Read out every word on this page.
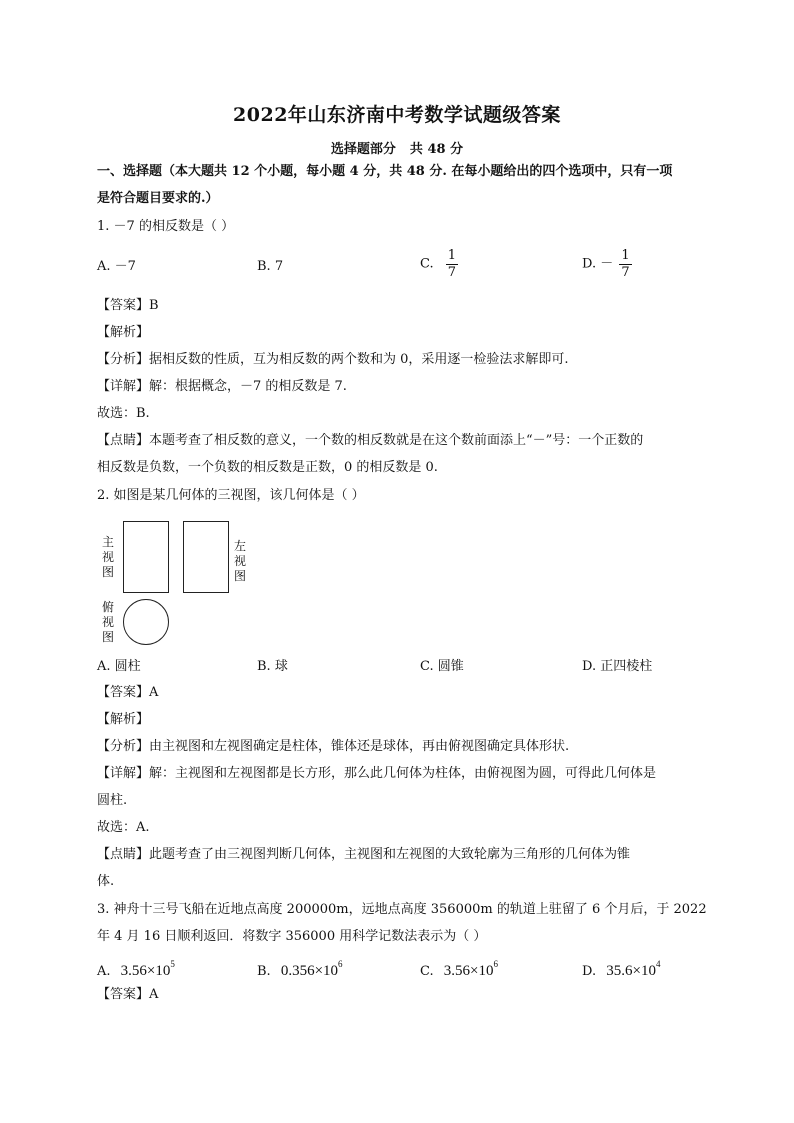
2022年山东济南中考数学试题级答案
选择题部分 共 48 分
一、选择题（本大题共 12 个小题，每小题 4 分，共 48 分. 在每小题给出的四个选项中，只有一项
是符合题目要求的.）
1. －7 的相反数是（ ）
A. －7	B. 7	C. $\frac{1}{7}$	D. － $\frac{1}{7}$
【答案】B
【解析】
【分析】据相反数的性质，互为相反数的两个数和为 0，采用逐一检验法求解即可.
【详解】解：根据概念，－7 的相反数是 7.
故选：B.
【点睛】本题考查了相反数的意义，一个数的相反数就是在这个数前面添上“－”号：一个正数的
相反数是负数，一个负数的相反数是正数，0 的相反数是 0.
2. 如图是某几何体的三视图，该几何体是（ ）
主视图
左视图
俯视图
A. 圆柱	B. 球	C. 圆锥	D. 正四棱柱
【答案】A
【解析】
【分析】由主视图和左视图确定是柱体，锥体还是球体，再由俯视图确定具体形状.
【详解】解：主视图和左视图都是长方形，那么此几何体为柱体，由俯视图为圆，可得此几何体是
圆柱.
故选：A.
【点睛】此题考查了由三视图判断几何体，主视图和左视图的大致轮廓为三角形的几何体为锥
体.
3. 神舟十三号飞船在近地点高度 200000m，远地点高度 356000m 的轨道上驻留了 6 个月后，于 2022
年 4 月 16 日顺利返回．将数字 356000 用科学记数法表示为（ ）
A. $3.56\times 10^5$	B. $0.356\times 10^6$	C. $3.56\times 10^6$	D. $35.6\times 10^4$
【答案】A
